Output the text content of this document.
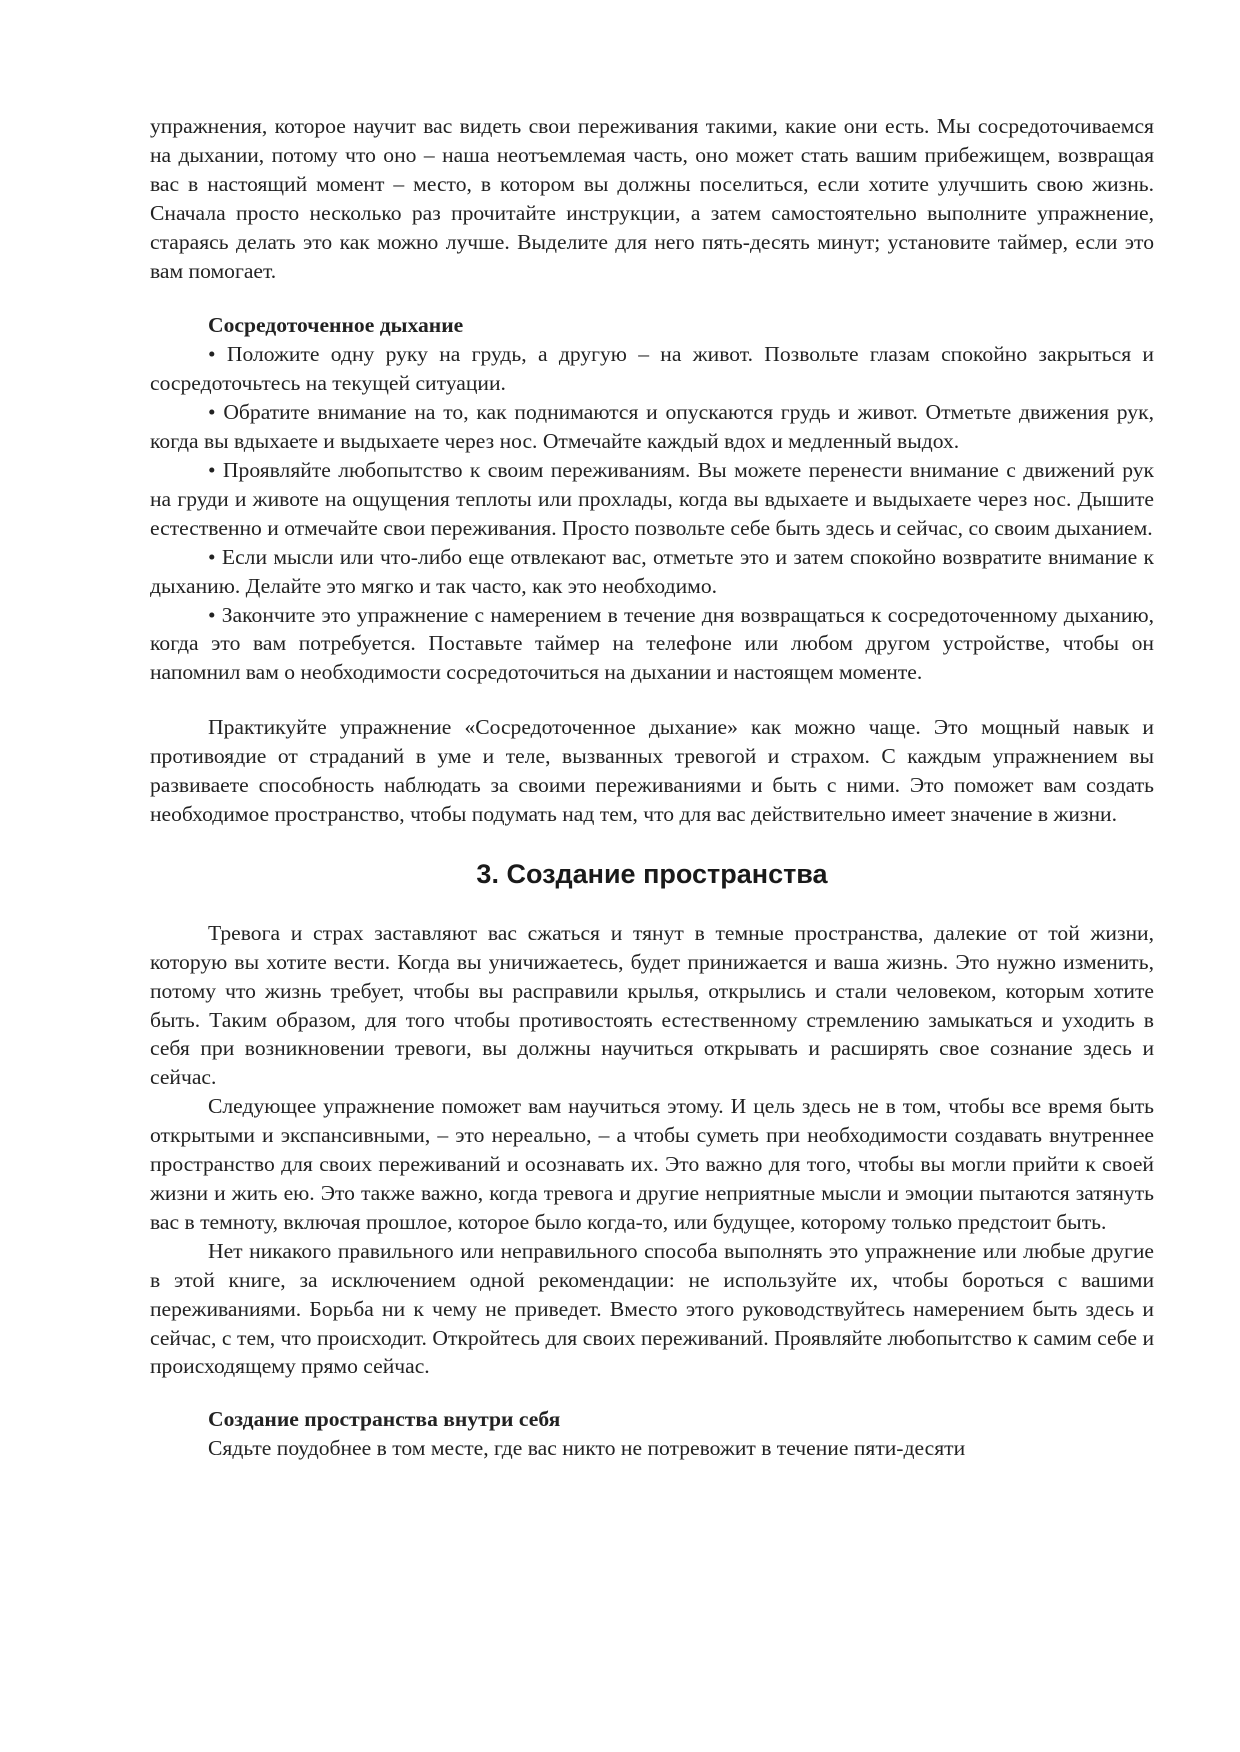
упражнения, которое научит вас видеть свои переживания такими, какие они есть. Мы сосредоточиваемся на дыхании, потому что оно – наша неотъемлемая часть, оно может стать вашим прибежищем, возвращая вас в настоящий момент – место, в котором вы должны поселиться, если хотите улучшить свою жизнь. Сначала просто несколько раз прочитайте инструкции, а затем самостоятельно выполните упражнение, стараясь делать это как можно лучше. Выделите для него пять-десять минут; установите таймер, если это вам помогает.

Сосредоточенное дыхание

• Положите одну руку на грудь, а другую – на живот. Позвольте глазам спокойно закрыться и сосредоточьтесь на текущей ситуации.

• Обратите внимание на то, как поднимаются и опускаются грудь и живот. Отметьте движения рук, когда вы вдыхаете и выдыхаете через нос. Отмечайте каждый вдох и медленный выдох.

• Проявляйте любопытство к своим переживаниям. Вы можете перенести внимание с движений рук на груди и животе на ощущения теплоты или прохлады, когда вы вдыхаете и выдыхаете через нос. Дышите естественно и отмечайте свои переживания. Просто позвольте себе быть здесь и сейчас, со своим дыханием.

• Если мысли или что-либо еще отвлекают вас, отметьте это и затем спокойно возвратите внимание к дыханию. Делайте это мягко и так часто, как это необходимо.

• Закончите это упражнение с намерением в течение дня возвращаться к сосредоточенному дыханию, когда это вам потребуется. Поставьте таймер на телефоне или любом другом устройстве, чтобы он напомнил вам о необходимости сосредоточиться на дыхании и настоящем моменте.

Практикуйте упражнение «Сосредоточенное дыхание» как можно чаще. Это мощный навык и противоядие от страданий в уме и теле, вызванных тревогой и страхом. С каждым упражнением вы развиваете способность наблюдать за своими переживаниями и быть с ними. Это поможет вам создать необходимое пространство, чтобы подумать над тем, что для вас действительно имеет значение в жизни.

3. Создание пространства

Тревога и страх заставляют вас сжаться и тянут в темные пространства, далекие от той жизни, которую вы хотите вести. Когда вы уничижаетесь, будет принижается и ваша жизнь. Это нужно изменить, потому что жизнь требует, чтобы вы расправили крылья, открылись и стали человеком, которым хотите быть. Таким образом, для того чтобы противостоять естественному стремлению замыкаться и уходить в себя при возникновении тревоги, вы должны научиться открывать и расширять свое сознание здесь и сейчас.

Следующее упражнение поможет вам научиться этому. И цель здесь не в том, чтобы все время быть открытыми и экспансивными, – это нереально, – а чтобы суметь при необходимости создавать внутреннее пространство для своих переживаний и осознавать их. Это важно для того, чтобы вы могли прийти к своей жизни и жить ею. Это также важно, когда тревога и другие неприятные мысли и эмоции пытаются затянуть вас в темноту, включая прошлое, которое было когда-то, или будущее, которому только предстоит быть.

Нет никакого правильного или неправильного способа выполнять это упражнение или любые другие в этой книге, за исключением одной рекомендации: не используйте их, чтобы бороться с вашими переживаниями. Борьба ни к чему не приведет. Вместо этого руководствуйтесь намерением быть здесь и сейчас, с тем, что происходит. Откройтесь для своих переживаний. Проявляйте любопытство к самим себе и происходящему прямо сейчас.

Создание пространства внутри себя

Сядьте поудобнее в том месте, где вас никто не потревожит в течение пяти-десяти
